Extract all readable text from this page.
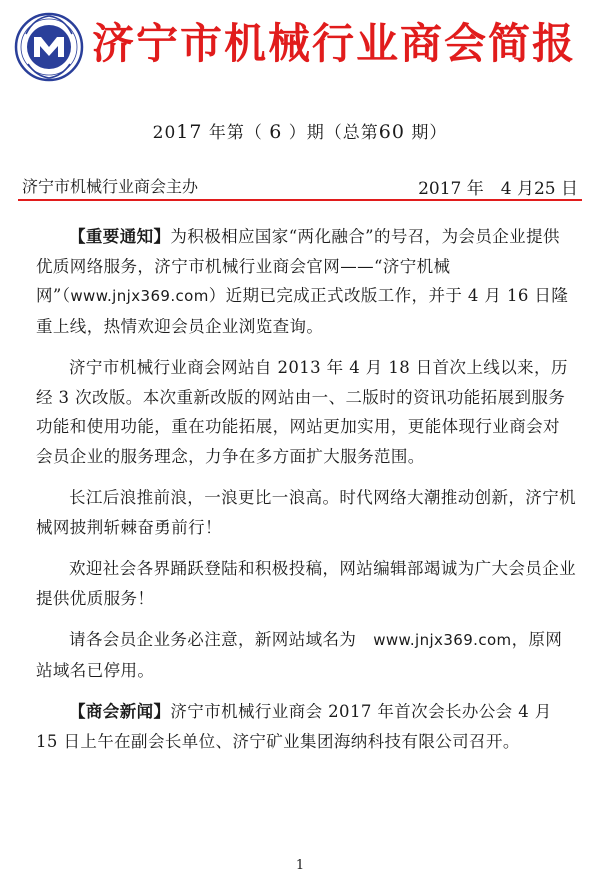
济宁市机械行业商会简报
2017 年第（ 6 ）期（总第60 期）
济宁市机械行业商会主办	2017 年　4 月25 日

【重要通知】为积极相应国家“两化融合”的号召，为会员企业提供优质网络服务，济宁市机械行业商会官网——“济宁机械网”（www.jnjx369.com）近期已完成正式改版工作，并于 4 月 16 日隆重上线，热情欢迎会员企业浏览查询。

济宁市机械行业商会网站自 2013 年 4 月 18 日首次上线以来，历经 3 次改版。本次重新改版的网站由一、二版时的资讯功能拓展到服务功能和使用功能，重在功能拓展，网站更加实用，更能体现行业商会对会员企业的服务理念，力争在多方面扩大服务范围。

长江后浪推前浪，一浪更比一浪高。时代网络大潮推动创新，济宁机械网披荆斩棘奋勇前行！

欢迎社会各界踊跃登陆和积极投稿，网站编辑部竭诚为广大会员企业提供优质服务！

请各会员企业务必注意，新网站域名为　www.jnjx369.com，原网站域名已停用。

【商会新闻】济宁市机械行业商会 2017 年首次会长办公会 4 月 15 日上午在副会长单位、济宁矿业集团海纳科技有限公司召开。

1
